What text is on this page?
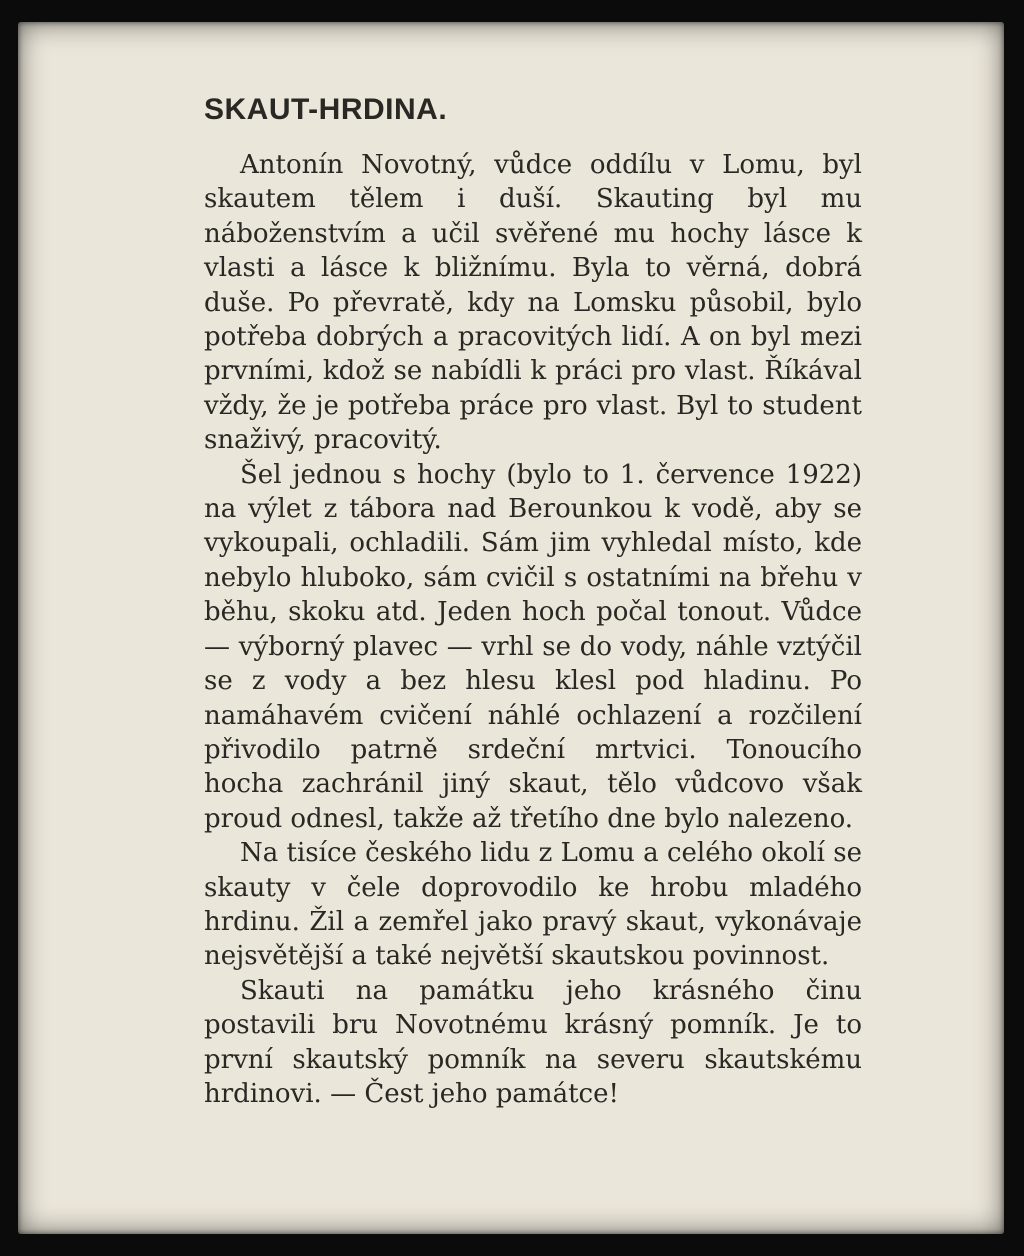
SKAUT-HRDINA.

Antonín Novotný, vůdce oddílu v Lomu, byl skautem tělem i duší. Skauting byl mu náboženstvím a učil svěřené mu hochy lásce k vlasti a lásce k bližnímu. Byla to věrná, dobrá duše. Po převratě, kdy na Lomsku působil, bylo potřeba dobrých a pracovitých lidí. A on byl mezi prvními, kdož se nabídli k práci pro vlast. Říkával vždy, že je potřeba práce pro vlast. Byl to student snaživý, pracovitý.

Šel jednou s hochy (bylo to 1. července 1922) na výlet z tábora nad Berounkou k vodě, aby se vykoupali, ochladili. Sám jim vyhledal místo, kde nebylo hluboko, sám cvičil s ostatními na břehu v běhu, skoku atd. Jeden hoch počal tonout. Vůdce — výborný plavec — vrhl se do vody, náhle vztýčil se z vody a bez hlesu klesl pod hladinu. Po namáhavém cvičení náhlé ochlazení a rozčilení přivodilo patrně srdeční mrtvici. Tonoucího hocha zachránil jiný skaut, tělo vůdcovo však proud odnesl, takže až třetího dne bylo nalezeno.

Na tisíce českého lidu z Lomu a celého okolí se skauty v čele doprovodilo ke hrobu mladého hrdinu. Žil a zemřel jako pravý skaut, vykonávaje nejsvětější a také největší skautskou povinnost.

Skauti na památku jeho krásného činu postavili bru Novotnému krásný pomník. Je to první skautský pomník na severu skautskému hrdinovi. — Čest jeho památce!
